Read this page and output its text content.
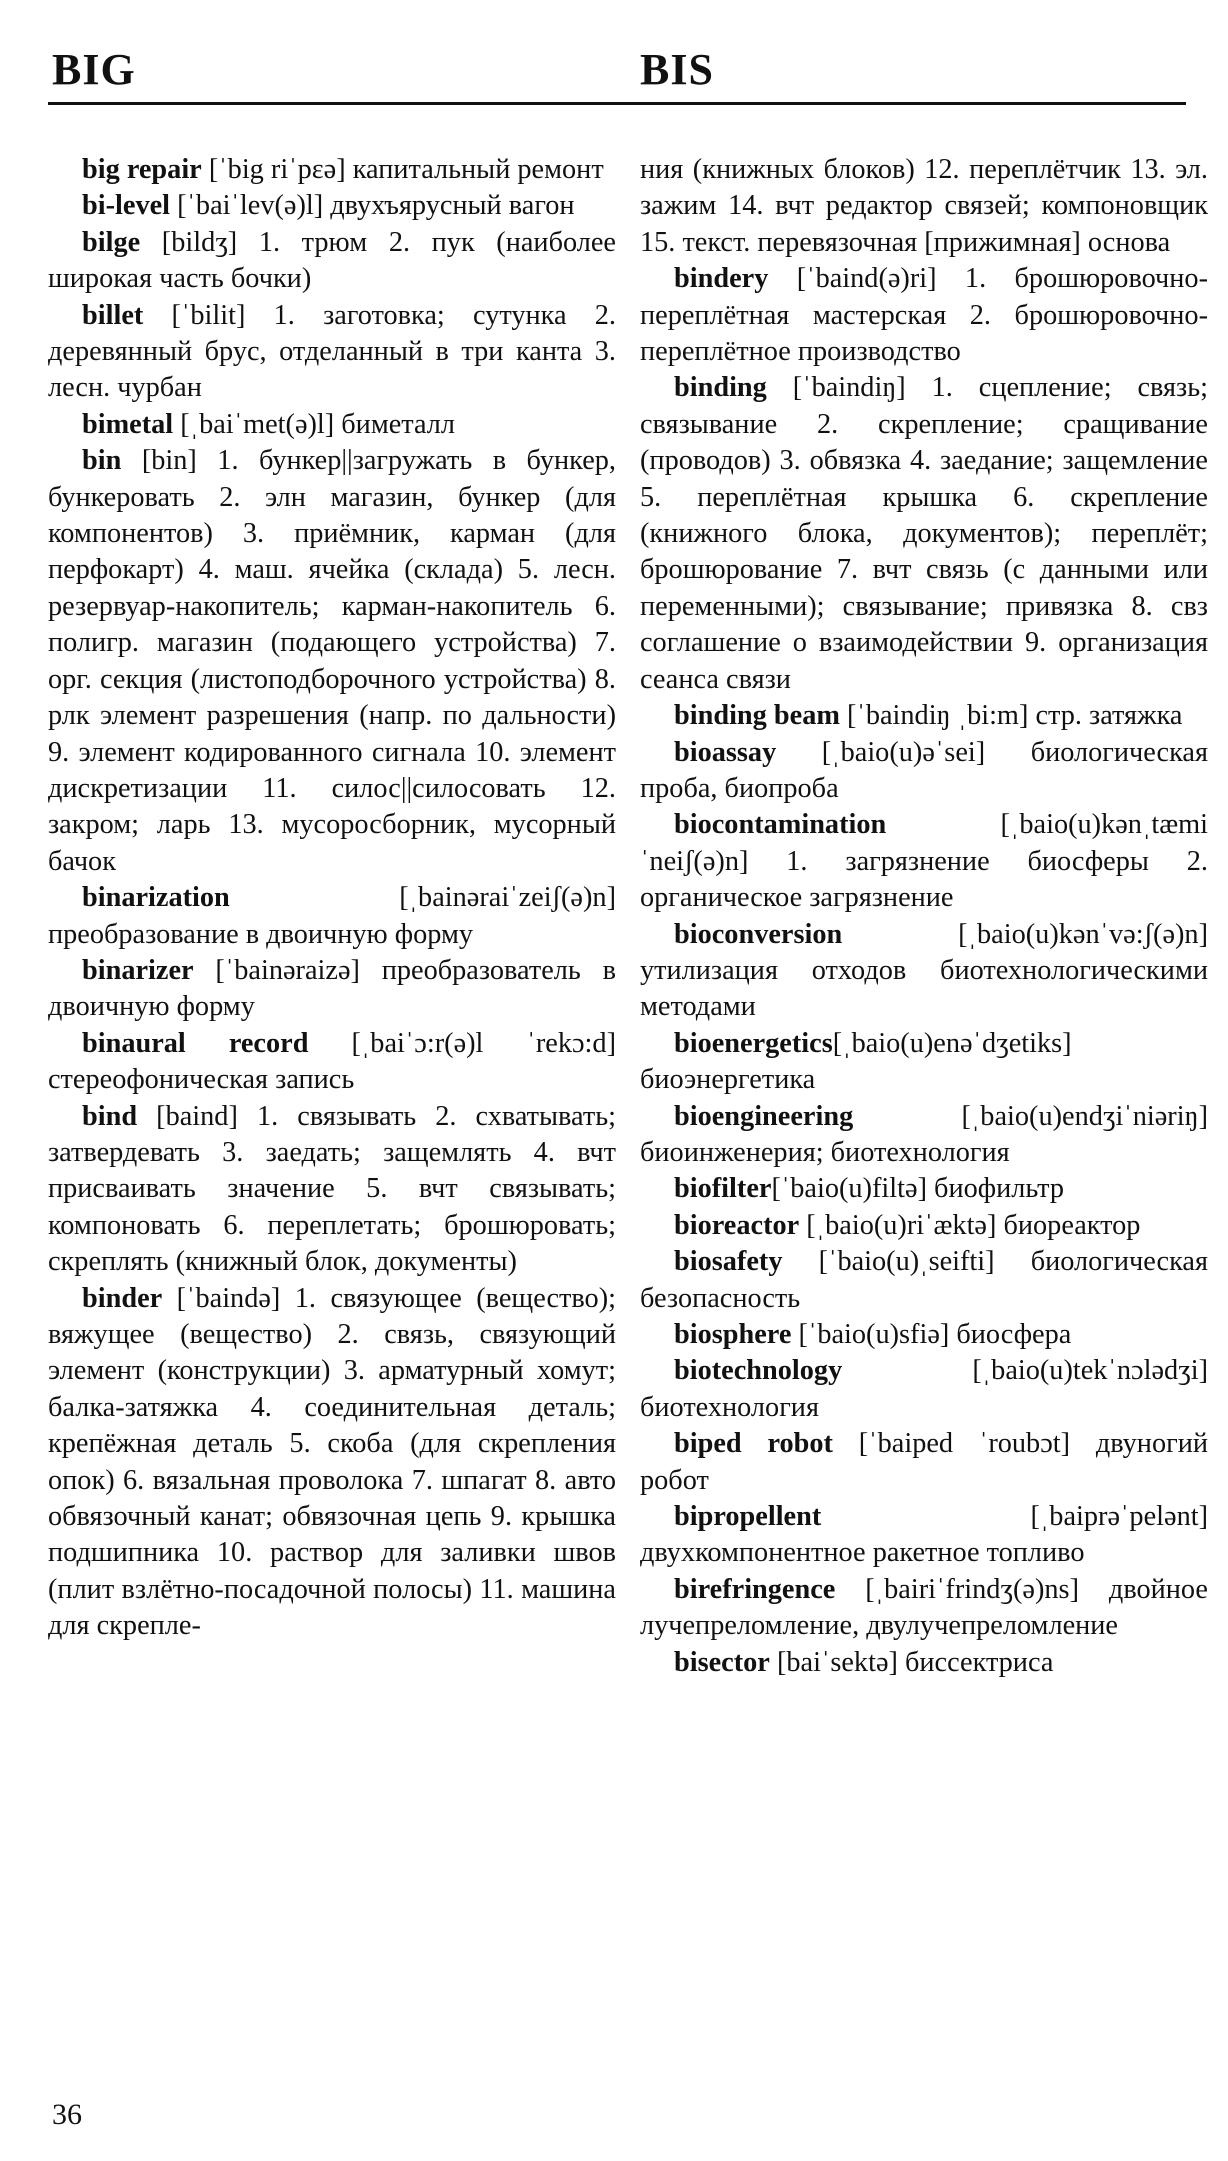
BIG	BIS

big repair [ˈbig riˈpɛə] капитальный ремонт

bi-level [ˈbaiˈlev(ə)l] двухъярусный вагон

bilge [bildʒ] 1. трюм 2. пук (наиболее широкая часть бочки)

billet [ˈbilit] 1. заготовка; сутунка 2. деревянный брус, отделанный в три канта 3. лесн. чурбан

bimetal [ˌbaiˈmet(ə)l] биметалл

bin [bin] 1. бункер||загружать в бункер, бункеровать 2. элн магазин, бункер (для компонентов) 3. приёмник, карман (для перфокарт) 4. маш. ячейка (склада) 5. лесн. резервуар-накопитель; карман-накопитель 6. полигр. магазин (подающего устройства) 7. орг. секция (листоподборочного устройства) 8. рлк элемент разрешения (напр. по дальности) 9. элемент кодированного сигнала 10. элемент дискретизации 11. силос||силосовать 12. закром; ларь 13. мусоросборник, мусорный бачок

binarization [ˌbainəraiˈzeiʃ(ə)n] преобразование в двоичную форму

binarizer [ˈbainəraizə] преобразователь в двоичную форму

binaural record [ˌbaiˈɔ:r(ə)l ˈrekɔ:d] стереофоническая запись

bind [baind] 1. связывать 2. схватывать; затвердевать 3. заедать; защемлять 4. вчт присваивать значение 5. вчт связывать; компоновать 6. переплетать; брошюровать; скреплять (книжный блок, документы)

binder [ˈbaində] 1. связующее (вещество); вяжущее (вещество) 2. связь, связующий элемент (конструкции) 3. арматурный хомут; балка-затяжка 4. соединительная деталь; крепёжная деталь 5. скоба (для скрепления опок) 6. вязальная проволока 7. шпагат 8. авто обвязочный канат; обвязочная цепь 9. крышка подшипника 10. раствор для заливки швов (плит взлётно-посадочной полосы) 11. машина для скрепле-

ния (книжных блоков) 12. переплётчик 13. эл. зажим 14. вчт редактор связей; компоновщик 15. текст. перевязочная [прижимная] основа

bindery [ˈbaind(ə)ri] 1. брошюровочно-переплётная мастерская 2. брошюровочно-переплётное производство

binding [ˈbaindiŋ] 1. сцепление; связь; связывание 2. скрепление; сращивание (проводов) 3. обвязка 4. заедание; защемление 5. переплётная крышка 6. скрепление (книжного блока, документов); переплёт; брошюрование 7. вчт связь (с данными или переменными); связывание; привязка 8. свз соглашение о взаимодействии 9. организация сеанса связи

binding beam [ˈbaindiŋ ˌbi:m] стр. затяжка

bioassay [ˌbaio(u)əˈsei] биологическая проба, биопроба

biocontamination [ˌbaio(u)kənˌtæmiˈneiʃ(ə)n] 1. загрязнение биосферы 2. органическое загрязнение

bioconversion [ˌbaio(u)kənˈvə:ʃ(ə)n] утилизация отходов биотехнологическими методами

bioenergetics[ˌbaio(u)enəˈdʒetiks] биоэнергетика

bioengineering [ˌbaio(u)endʒiˈniəriŋ] биоинженерия; биотехнология

biofilter[ˈbaio(u)filtə] биофильтр

bioreactor [ˌbaio(u)riˈæktə] биореактор

biosafety [ˈbaio(u)ˌseifti] биологическая безопасность

biosphere [ˈbaio(u)sfiə] биосфера

biotechnology [ˌbaio(u)tekˈnɔlədʒi] биотехнология

biped robot [ˈbaiped ˈroubɔt] двуногий робот

bipropellent [ˌbaiprəˈpelənt] двухкомпонентное ракетное топливо

birefringence [ˌbairiˈfrindʒ(ə)ns] двойное лучепреломление, двулучепреломление

bisector [baiˈsektə] биссектриса

36
